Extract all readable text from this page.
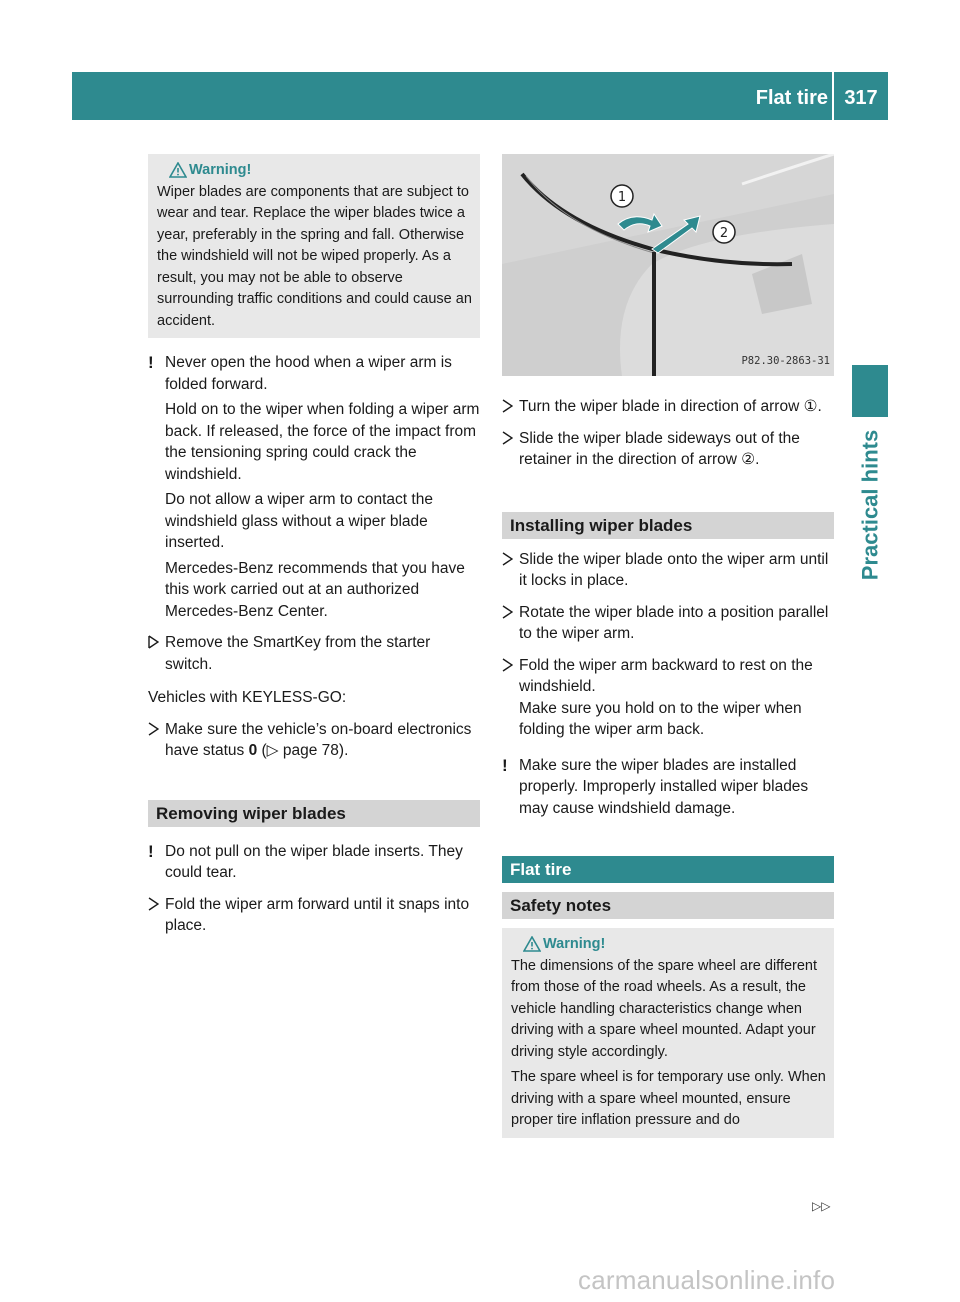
Flat tire 317
Practical hints
Warning!

Wiper blades are components that are subject to wear and tear. Replace the wiper blades twice a year, preferably in the spring and fall. Otherwise the windshield will not be wiped properly. As a result, you may not be able to observe surrounding traffic conditions and could cause an accident.

! Never open the hood when a wiper arm is folded forward.

Hold on to the wiper when folding a wiper arm back. If released, the force of the impact from the tensioning spring could crack the windshield.

Do not allow a wiper arm to contact the windshield glass without a wiper blade inserted.

Mercedes-Benz recommends that you have this work carried out at an authorized Mercedes-Benz Center.

Remove the SmartKey from the starter switch.
Vehicles with KEYLESS-GO:
Make sure the vehicle’s on-board electronics have status 0 (▷ page 78).
Removing wiper blades
! Do not pull on the wiper blade inserts. They could tear.

Fold the wiper arm forward until it snaps into place.
1
2
P82.30-2863-31
Turn the wiper blade in direction of arrow ①.
Slide the wiper blade sideways out of the retainer in the direction of arrow ②.
Installing wiper blades
Slide the wiper blade onto the wiper arm until it locks in place.
Rotate the wiper blade into a position parallel to the wiper arm.
Fold the wiper arm backward to rest on the windshield.
Make sure you hold on to the wiper when folding the wiper arm back.
! Make sure the wiper blades are installed properly. Improperly installed wiper blades may cause windshield damage.

Flat tire
Safety notes
Warning!

The dimensions of the spare wheel are different from those of the road wheels. As a result, the vehicle handling characteristics change when driving with a spare wheel mounted. Adapt your driving style accordingly.

The spare wheel is for temporary use only. When driving with a spare wheel mounted, ensure proper tire inflation pressure and do

▷▷
carmanualsonline.info
